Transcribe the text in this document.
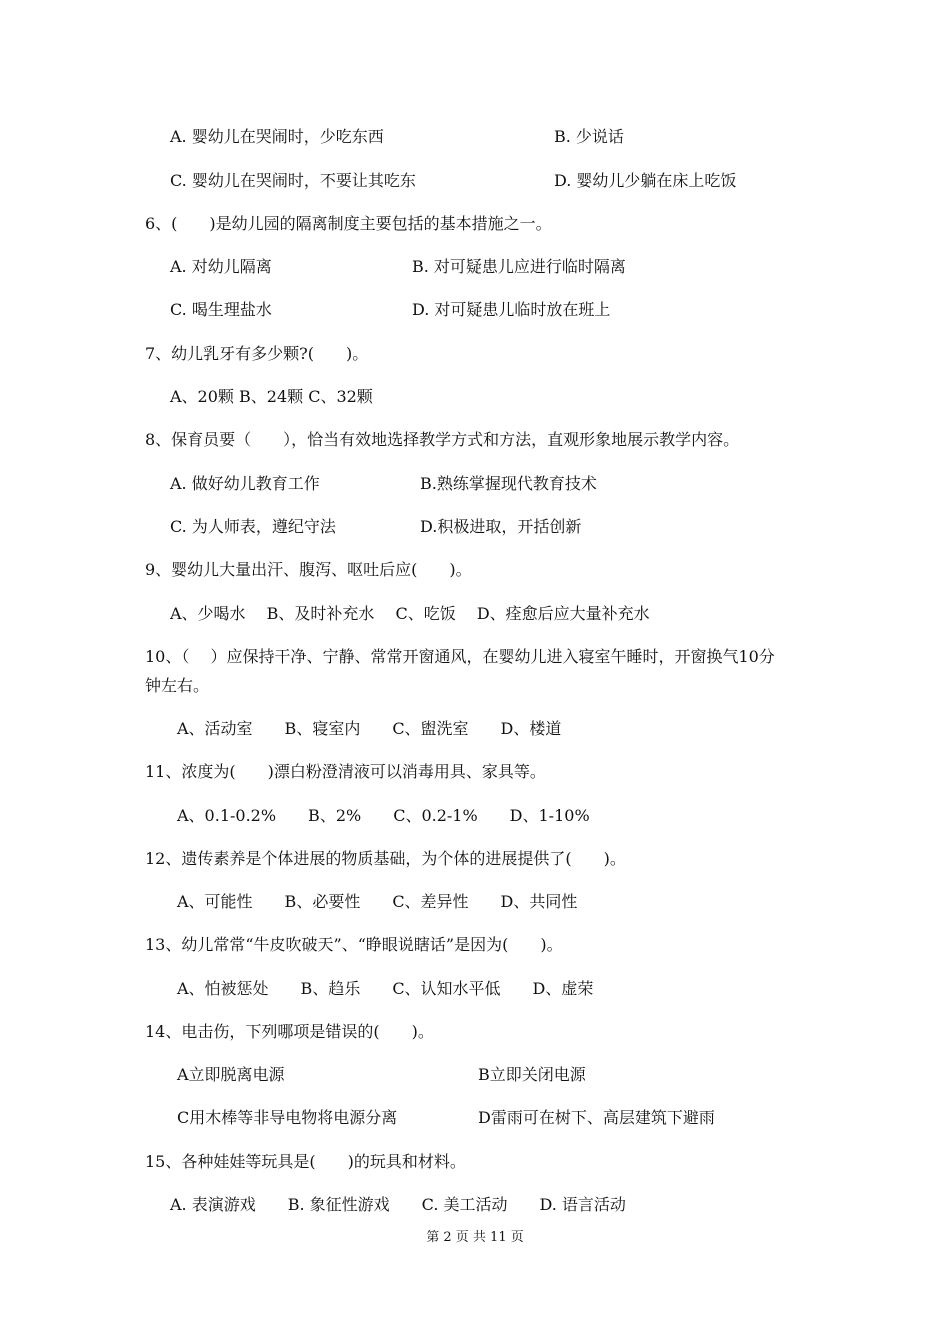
A. 婴幼儿在哭闹时，少吃东西	B. 少说话
C. 婴幼儿在哭闹时，不要让其吃东	D. 婴幼儿少躺在床上吃饭
6、(　　)是幼儿园的隔离制度主要包括的基本措施之一。
A. 对幼儿隔离	B. 对可疑患儿应进行临时隔离
C. 喝生理盐水	D. 对可疑患儿临时放在班上
7、幼儿乳牙有多少颗?(　　)。
A、20颗 B、24颗 C、32颗
8、保育员要（　　），恰当有效地选择教学方式和方法，直观形象地展示教学内容。
A. 做好幼儿教育工作	B.熟练掌握现代教育技术
C. 为人师表，遵纪守法	D.积极进取，开括创新
9、婴幼儿大量出汗、腹泻、呕吐后应(　　)。
A、少喝水　 B、及时补充水　 C、吃饭　 D、痊愈后应大量补充水
10、（　 ）应保持干净、宁静、常常开窗通风，在婴幼儿进入寝室午睡时，开窗换气10分
钟左右。
A、活动室　　B、寝室内　　C、盥洗室　　D、楼道
11、浓度为(　　)漂白粉澄清液可以消毒用具、家具等。
A、0.1-0.2%　　B、2%　　C、0.2-1%　　D、1-10%
12、遗传素养是个体进展的物质基础，为个体的进展提供了(　　)。
A、可能性　　B、必要性　　C、差异性　　D、共同性
13、幼儿常常“牛皮吹破天”、“睁眼说瞎话”是因为(　　)。
A、怕被惩处　　B、趋乐　　C、认知水平低　　D、虚荣
14、电击伤，下列哪项是错误的(　　)。
A立即脱离电源	B立即关闭电源
C用木棒等非导电物将电源分离	D雷雨可在树下、高层建筑下避雨
15、各种娃娃等玩具是(　　)的玩具和材料。
A. 表演游戏　　B. 象征性游戏　　C. 美工活动　　D. 语言活动
第 2 页 共 11 页
